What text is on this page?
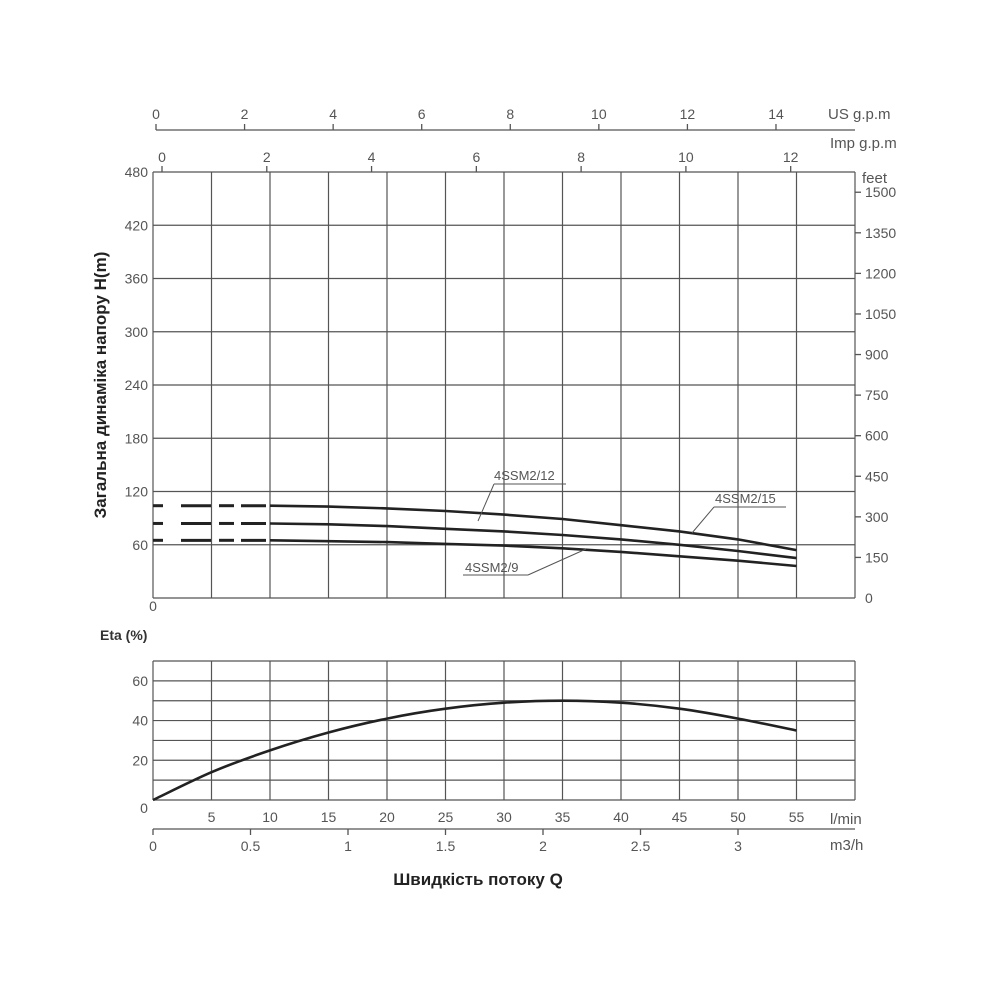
0	2	4	6	8	10	12	14	US g.p.m
0	2	4	6	8	10	12
Imp g.p.m
0
60
120
180
240
300
360
420
480
0
150
300
450
600
750
900
1050
1200
1350
1500
feet
Загальна динаміка напору H(m)	4SSM2/12
4SSM2/15
4SSM2/9
Eta (%)
20
40
60
0
5	10	15	20	25	30	35	40	45	50	55 l/min
0	0.5	1	1.5	2	2.5	3	m3/h
Швидкість потоку Q
